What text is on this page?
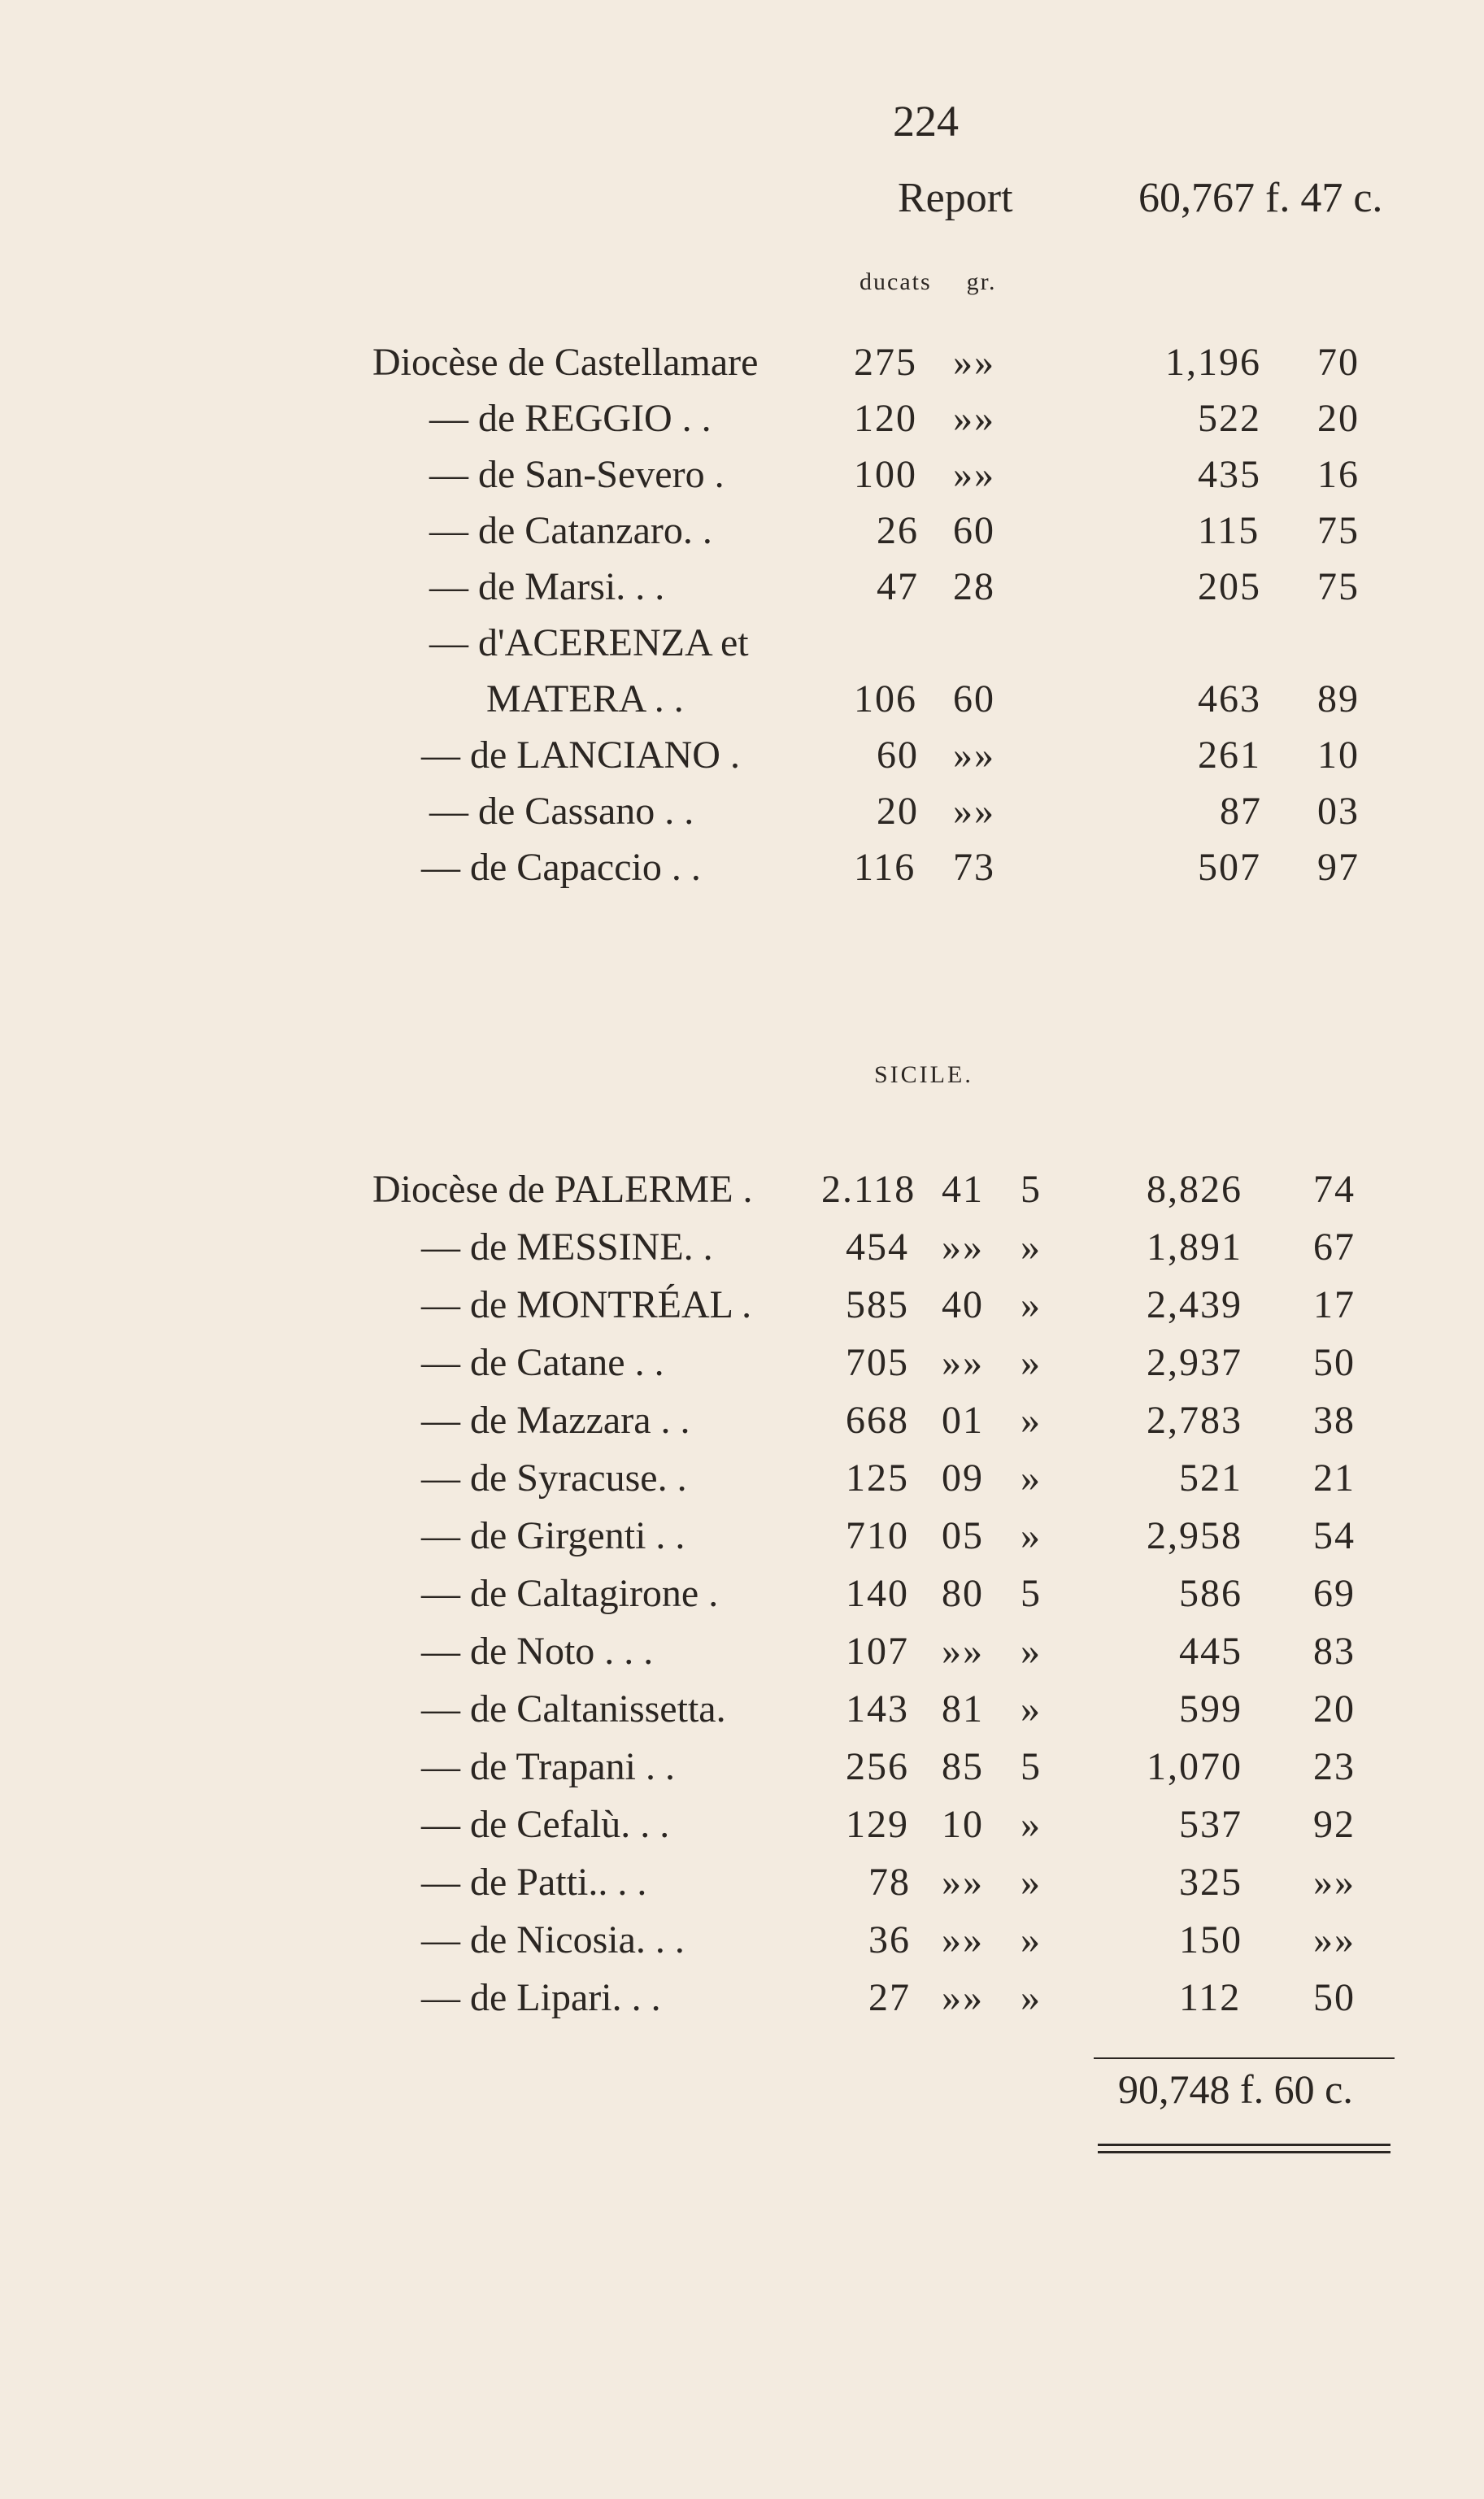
224
Report	60,767 f. 47 c.
ducats gr.
Diocèse de Castellamare 275 »»	1,196 70
— de REGGIO . .	120 »»	522 20
— de San-Severo .	100 »»	435 16
— de Catanzaro. .	26 60	115 75
— de Marsi. . .	47 28	205 75
— d'ACERENZA et
MATERA . .	106 60	463 89
— de LANCIANO .	60 »»	261 10
— de Cassano . .	20 »»	87 03
— de Capaccio . .	116 73	507 97
SICILE.
Diocèse de PALERME . 2.118 41 5	8,826 74
— de MESSINE. .	454 »» »	1,891 67
— de MONTRÉAL . 585 40 »	2,439 17
— de Catane . .	705 »» »	2,937 50
— de Mazzara . .	668 01 »	2,783 38
— de Syracuse. .	125 09 »	521 21
— de Girgenti . .	710 05 »	2,958 54
— de Caltagirone .	140 80 5	586 69
— de Noto . . .	107 »» »	445 83
— de Caltanissetta.	143 81 »	599 20
— de Trapani . .	256 85 5	1,070 23
— de Cefalù. . .	129 10 »	537 92
— de Patti.. . .	78 »» »	325 »»
— de Nicosia. . .	36 »» »	150 »»
— de Lipari. . .	27 »» »	112 50
90,748 f. 60 c.
